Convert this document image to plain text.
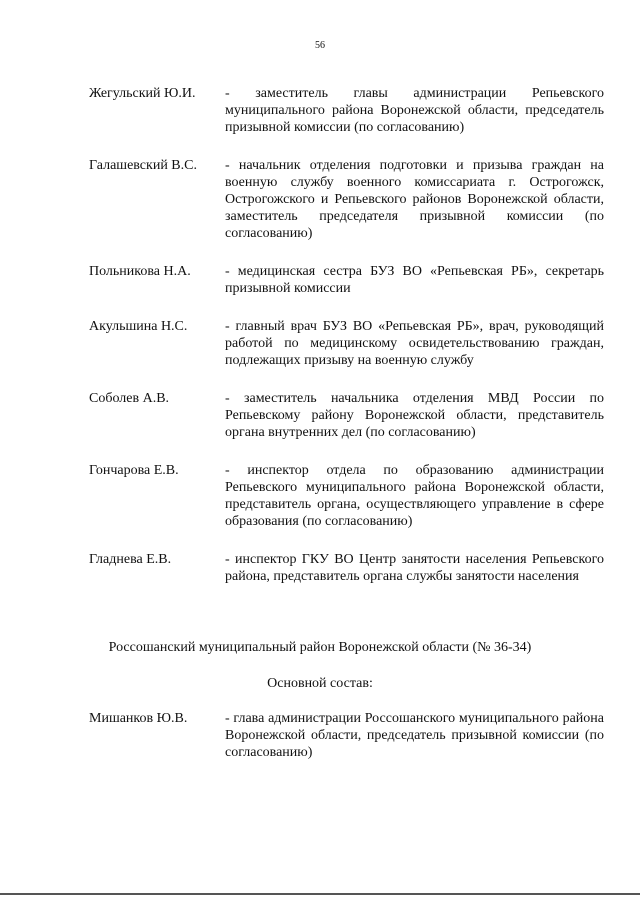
56
Жегульский Ю.И.	- заместитель главы администрации Репьевского муниципального района Воронежской области, председатель призывной комиссии (по согласованию)
Галашевский В.С.	- начальник отделения подготовки и призыва граждан на военную службу военного комиссариата г. Острогожск, Острогожского и Репьевского районов Воронежской области, заместитель председателя призывной комиссии (по согласованию)
Польникова Н.А.	- медицинская сестра БУЗ ВО «Репьевская РБ», секретарь призывной комиссии
Акульшина Н.С.	- главный врач БУЗ ВО «Репьевская РБ», врач, руководящий работой по медицинскому освидетельствованию граждан, подлежащих призыву на военную службу
Соболев А.В.	- заместитель начальника отделения МВД России по Репьевскому району Воронежской области, представитель органа внутренних дел (по согласованию)
Гончарова Е.В.	- инспектор отдела по образованию администрации Репьевского муниципального района Воронежской области, представитель органа, осуществляющего управление в сфере образования (по согласованию)
Гладнева Е.В.	- инспектор ГКУ ВО Центр занятости населения Репьевского района, представитель органа службы занятости населения
Россошанский муниципальный район Воронежской области (№ 36-34)
Основной состав:
Мишанков Ю.В.	- глава администрации Россошанского муниципального района Воронежской области, председатель призывной комиссии (по согласованию)
